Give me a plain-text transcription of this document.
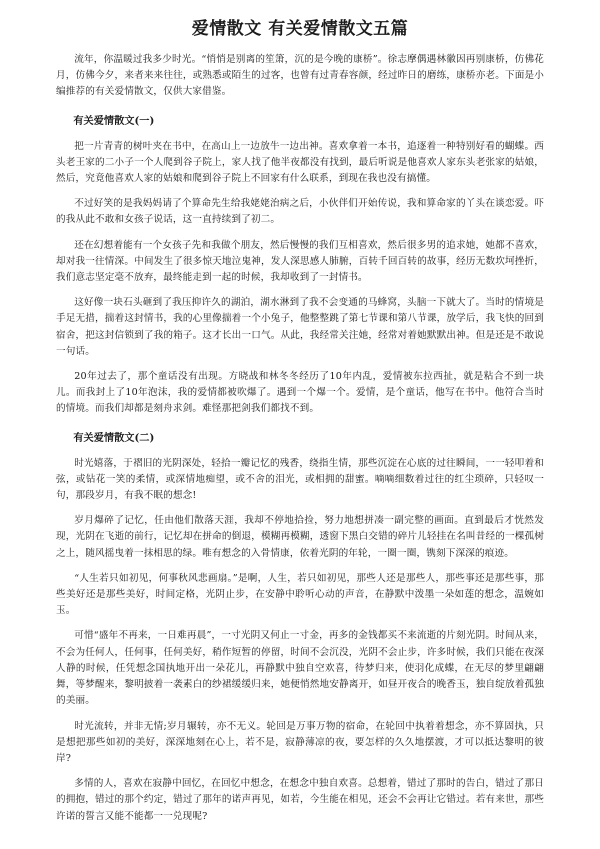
爱情散文 有关爱情散文五篇

流年，你温暖过我多少时光。“悄悄是别离的笙箫，沉的是今晚的康桥”。徐志摩偶遇林徽因再别康桥，仿佛花月，仿佛今夕，来者来来往往，或熟悉或陌生的过客，也曾有过青春容颜，经过昨日的磨练，康桥亦老。下面是小编推荐的有关爱情散文，仅供大家借鉴。

有关爱情散文(一)

把一片青青的树叶夹在书中，在高山上一边放牛一边出神。喜欢拿着一本书，追逐着一种特别好看的蝴蝶。西头老王家的二小子一个人爬到谷子院上，家人找了他半夜都没有找到，最后听说是他喜欢人家东头老张家的姑娘，然后，究竟他喜欢人家的姑娘和爬到谷子院上不回家有什么联系，到现在我也没有搞懂。

不过好笑的是我妈妈请了个算命先生给我姥姥治病之后，小伙伴们开始传说，我和算命家的丫头在谈恋爱。吓的我从此不敢和女孩子说话，这一直持续到了初二。

还在幻想着能有一个女孩子先和我做个朋友，然后慢慢的我们互相喜欢，然后很多男的追求她，她都不喜欢，却对我一往情深。中间发生了很多惊天地泣鬼神，发人深思感人肺腑，百转千回百转的故事，经历无数坎坷挫折，我们意志坚定毫不放弃，最终能走到一起的时候，我却收到了一封情书。

这好像一块石头砸到了我压抑许久的湖泊，湖水淋到了我不会变通的马蜂窝，头脑一下就大了。当时的情境是手足无措，揣着这封情书，我的心里像揣着一个小兔子，他整整跳了第七节课和第八节课，放学后，我飞快的回到宿舍，把这封信锁到了我的箱子。这才长出一口气。从此，我经常关注她，经常对着她默默出神。但是还是不敢说一句话。

20年过去了，那个童话没有出现。方晓战和林冬冬经历了10年内乱，爱情被东拉西扯，就是粘合不到一块儿。而我封上了10年泡沫，我的爱情都被吹爆了。遇到一个爆一个。爱情，是个童话，他写在书中。他符合当时的情境。而我们却都是刻舟求剑。难怪那把剑我们都找不到。

有关爱情散文(二)

时光嬉落，于褶旧的光阴深处，轻拾一瓣记忆的残香，绕指生情，那些沉淀在心底的过往瞬间，一一轻叩着和弦，或钻花一笑的柔情，或深情地痴望，或不舍的泪光，或相拥的甜蜜。嘀嘀细数着过往的红尘琐碎，只轻叹一句，那段岁月，有我不眠的想念!

岁月爆碎了记忆，任由他们散落天涯，我却不停地拾捡，努力地想拼凑一副完整的画面。直到最后才恍然发现，光阴在飞逝的前行，记忆却在拼命的倒退，模糊再模糊，透窗下黑白交错的碎片儿轻挂在名叫昔经的一棵孤树之上，随风摇曳着一抹相思的绿。唯有想念的入骨情康，依着光阴的年轮，一圈一圈，镌刻下深深的痕迹。

“人生若只如初见，何事秋风悲画扇。”是啊，人生，若只如初见，那些人还是那些人，那些事还是那些事，那些美好还是那些美好，时间定格，光阴止步，在安静中聆听心动的声音，在静默中泼墨一朵如莲的想念，温婉如玉。

可惜“盛年不再来，一日难再晨”，一寸光阴又何止一寸金，再多的金钱都买不来流逝的片刻光阴。时间从来，不会为任何人，任何事，任何美好，稍作短暂的停留，时间不会沉没，光阴不会止步，许多时候，我们只能在夜深人静的时候，任凭想念国执地开出一朵花儿，再静默中独自空欢喜，待梦归来，使羽化成蝶，在无尽的梦里翩翩舞，等梦醒来，黎明披着一袭素白的纱裙缓缓归来，她便悄然地安静离开，如昼开夜合的晚香玉，独自绽放着孤独的美丽。

时光流转，并非无情;岁月辗转，亦不无义。轮回是万事万物的宿命，在轮回中执着着想念，亦不算固执，只是想把那些如初的美好，深深地刻在心上，若不是，寂静薄凉的夜，要怎样的久久地摆渡，才可以抵达黎明的彼岸?

多情的人，喜欢在寂静中回忆，在回忆中想念，在想念中独自欢喜。总想着，错过了那时的告白，错过了那日的拥抱，错过的那个约定，错过了那年的诺声再见，如若，今生能在相见，还会不会再让它错过。若有来世，那些许诺的誓言又能不能都一一兑现呢?
